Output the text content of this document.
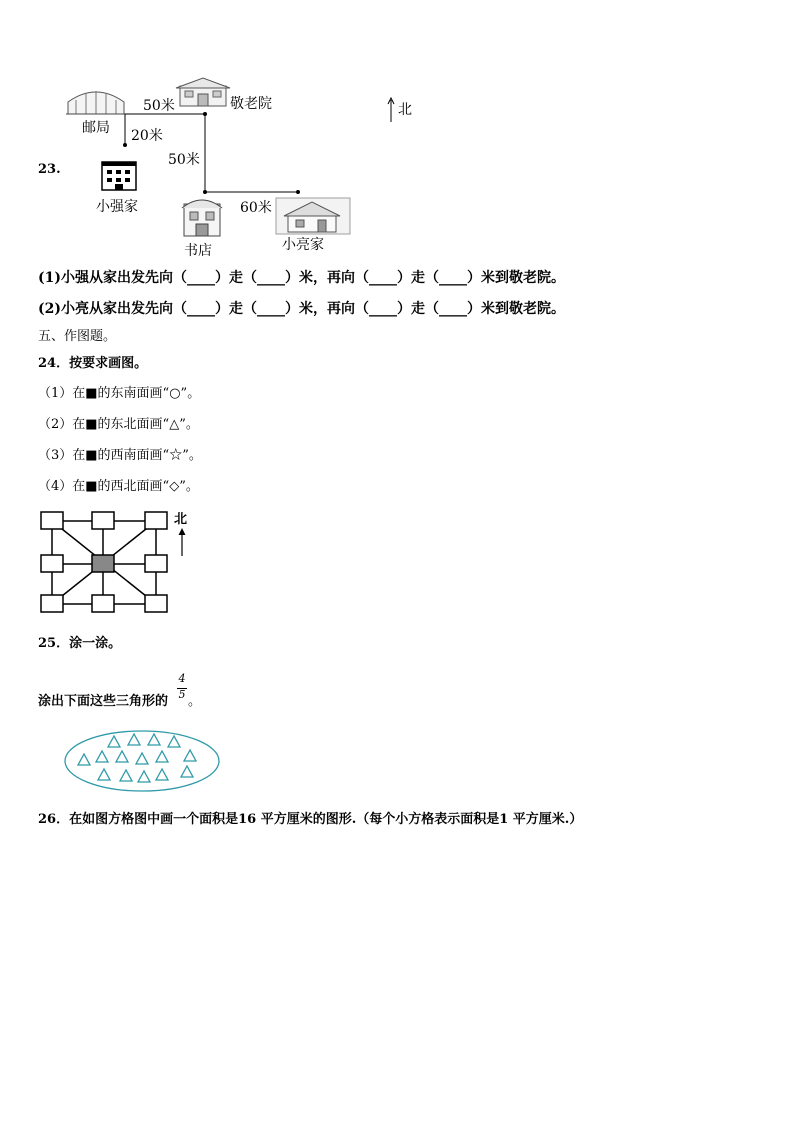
邮局
敬老院	北
50米
20米
50米
60米
小强家
书店	小亮家
23.
(1)小强从家出发先向（____）走（____）米，再向（____）走（____）米到敬老院。
(2)小亮从家出发先向（____）走（____）米，再向（____）走（____）米到敬老院。
五、作图题。
24．按要求画图。
（1）在■的东南面画“○”。
（2）在■的东北面画“△”。
（3）在■的西南面画“☆”。
（4）在■的西北面画“◇”。
北
25．涂一涂。
涂出下面这些三角形的
4
5 。
26．在如图方格图中画一个面积是16 平方厘米的图形.（每个小方格表示面积是1 平方厘米.）
